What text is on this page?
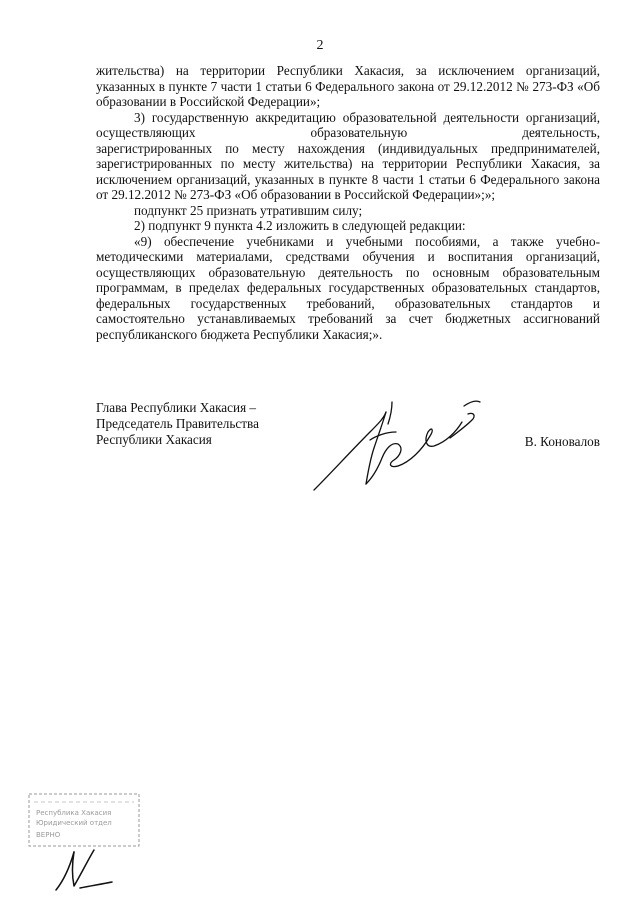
2

жительства) на территории Республики Хакасия, за исключением организаций, указанных в пункте 7 части 1 статьи 6 Федерального закона от 29.12.2012 № 273-ФЗ «Об образовании в Российской Федерации»;

3) государственную аккредитацию образовательной деятельности организаций, осуществляющих образовательную деятельность,

зарегистрированных по месту нахождения (индивидуальных предпринимателей, зарегистрированных по месту жительства) на территории Республики Хакасия, за исключением организаций, указанных в пункте 8 части 1 статьи 6 Федерального закона от 29.12.2012 № 273-ФЗ «Об образовании в Российской Федерации»;»;

подпункт 25 признать утратившим силу;

2) подпункт 9 пункта 4.2 изложить в следующей редакции:

«9) обеспечение учебниками и учебными пособиями, а также учебно-методическими материалами, средствами обучения и воспитания организаций, осуществляющих образовательную деятельность по основным образовательным программам, в пределах федеральных государственных образовательных стандартов, федеральных государственных требований, образовательных стандартов и самостоятельно устанавливаемых требований за счет бюджетных ассигнований республиканского бюджета Республики Хакасия;».

Глава Республики Хакасия –
Председатель Правительства
Республики Хакасия	В. Коновалов
Республика Хакасия
Юридический отдел
ВЕРНО
